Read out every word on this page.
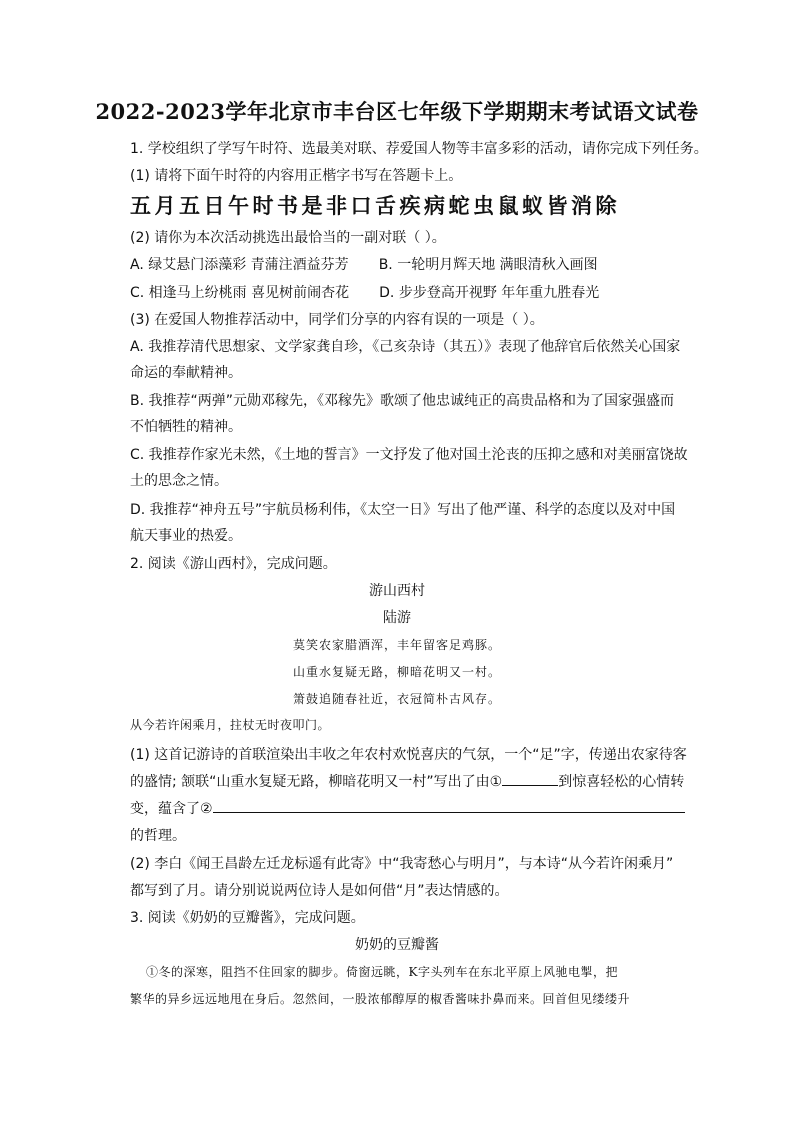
2022-2023学年北京市丰台区七年级下学期期末考试语文试卷
1. 学校组织了学写午时符、选最美对联、荐爱国人物等丰富多彩的活动，请你完成下列任务。
(1) 请将下面午时符的内容用正楷字书写在答题卡上。
五月五日午时书是非口舌疾病蛇虫鼠蚁皆消除
(2) 请你为本次活动挑选出最恰当的一副对联（ ）。
A. 绿艾悬门添藻彩 青蒲注酒益芬芳 B. 一轮明月辉天地 满眼清秋入画图
C. 相逢马上纷桃雨 喜见树前闹杏花 D. 步步登高开视野 年年重九胜春光
(3) 在爱国人物推荐活动中，同学们分享的内容有误的一项是（ ）。
A. 我推荐清代思想家、文学家龚自珍，《己亥杂诗（其五）》表现了他辞官后依然关心国家
命运的奉献精神。
B. 我推荐“两弹”元勋邓稼先，《邓稼先》歌颂了他忠诚纯正的高贵品格和为了国家强盛而
不怕牺牲的精神。
C. 我推荐作家光未然，《土地的誓言》一文抒发了他对国土沦丧的压抑之感和对美丽富饶故
土的思念之情。
D. 我推荐“神舟五号”宇航员杨利伟，《太空一日》写出了他严谨、科学的态度以及对中国
航天事业的热爱。
2. 阅读《游山西村》，完成问题。
游山西村
陆游
莫笑农家腊酒浑，丰年留客足鸡豚。
山重水复疑无路，柳暗花明又一村。
箫鼓追随春社近，衣冠简朴古风存。
从今若许闲乘月，拄杖无时夜叩门。
(1) 这首记游诗的首联渲染出丰收之年农村欢悦喜庆的气氛，一个“足”字，传递出农家待客
的盛情; 颔联“山重水复疑无路，柳暗花明又一村”写出了由①	到惊喜轻松的心情转
变，蕴含了②
的哲理。
(2) 李白《闻王昌龄左迁龙标遥有此寄》中“我寄愁心与明月”，与本诗“从今若许闲乘月”
都写到了月。请分别说说两位诗人是如何借“月”表达情感的。
3. 阅读《奶奶的豆瓣酱》，完成问题。
奶奶的豆瓣酱
①冬的深寒，阻挡不住回家的脚步。倚窗远眺，K字头列车在东北平原上风驰电掣，把
繁华的异乡远远地甩在身后。忽然间，一股浓郁醇厚的椒香酱味扑鼻而来。回首但见缕缕升
